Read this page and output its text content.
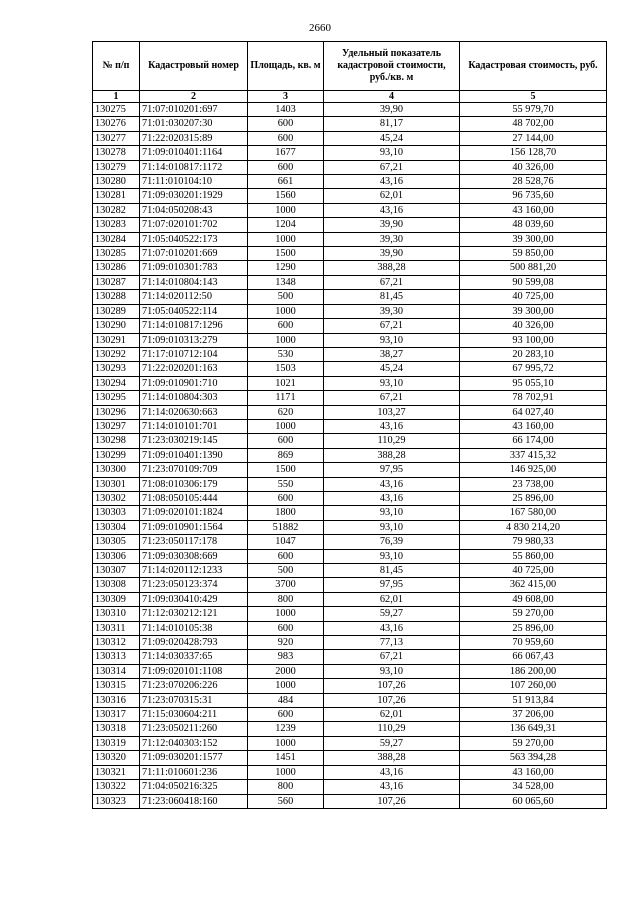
2660
№ п/п	Кадастровый номер	Площадь, кв. м	Удельный показатель кадастровой стоимости, руб./кв. м	Кадастровая стоимость, руб.
1	2	3	4	5
130275	71:07:010201:697	1403	39,90	55 979,70
130276	71:01:030207:30	600	81,17	48 702,00
130277	71:22:020315:89	600	45,24	27 144,00
130278	71:09:010401:1164	1677	93,10	156 128,70
130279	71:14:010817:1172	600	67,21	40 326,00
130280	71:11:010104:10	661	43,16	28 528,76
130281	71:09:030201:1929	1560	62,01	96 735,60
130282	71:04:050208:43	1000	43,16	43 160,00
130283	71:07:020101:702	1204	39,90	48 039,60
130284	71:05:040522:173	1000	39,30	39 300,00
130285	71:07:010201:669	1500	39,90	59 850,00
130286	71:09:010301:783	1290	388,28	500 881,20
130287	71:14:010804:143	1348	67,21	90 599,08
130288	71:14:020112:50	500	81,45	40 725,00
130289	71:05:040522:114	1000	39,30	39 300,00
130290	71:14:010817:1296	600	67,21	40 326,00
130291	71:09:010313:279	1000	93,10	93 100,00
130292	71:17:010712:104	530	38,27	20 283,10
130293	71:22:020201:163	1503	45,24	67 995,72
130294	71:09:010901:710	1021	93,10	95 055,10
130295	71:14:010804:303	1171	67,21	78 702,91
130296	71:14:020630:663	620	103,27	64 027,40
130297	71:14:010101:701	1000	43,16	43 160,00
130298	71:23:030219:145	600	110,29	66 174,00
130299	71:09:010401:1390	869	388,28	337 415,32
130300	71:23:070109:709	1500	97,95	146 925,00
130301	71:08:010306:179	550	43,16	23 738,00
130302	71:08:050105:444	600	43,16	25 896,00
130303	71:09:020101:1824	1800	93,10	167 580,00
130304	71:09:010901:1564	51882	93,10	4 830 214,20
130305	71:23:050117:178	1047	76,39	79 980,33
130306	71:09:030308:669	600	93,10	55 860,00
130307	71:14:020112:1233	500	81,45	40 725,00
130308	71:23:050123:374	3700	97,95	362 415,00
130309	71:09:030410:429	800	62,01	49 608,00
130310	71:12:030212:121	1000	59,27	59 270,00
130311	71:14:010105:38	600	43,16	25 896,00
130312	71:09:020428:793	920	77,13	70 959,60
130313	71:14:030337:65	983	67,21	66 067,43
130314	71:09:020101:1108	2000	93,10	186 200,00
130315	71:23:070206:226	1000	107,26	107 260,00
130316	71:23:070315:31	484	107,26	51 913,84
130317	71:15:030604:211	600	62,01	37 206,00
130318	71:23:050211:260	1239	110,29	136 649,31
130319	71:12:040303:152	1000	59,27	59 270,00
130320	71:09:030201:1577	1451	388,28	563 394,28
130321	71:11:010601:236	1000	43,16	43 160,00
130322	71:04:050216:325	800	43,16	34 528,00
130323	71:23:060418:160	560	107,26	60 065,60
